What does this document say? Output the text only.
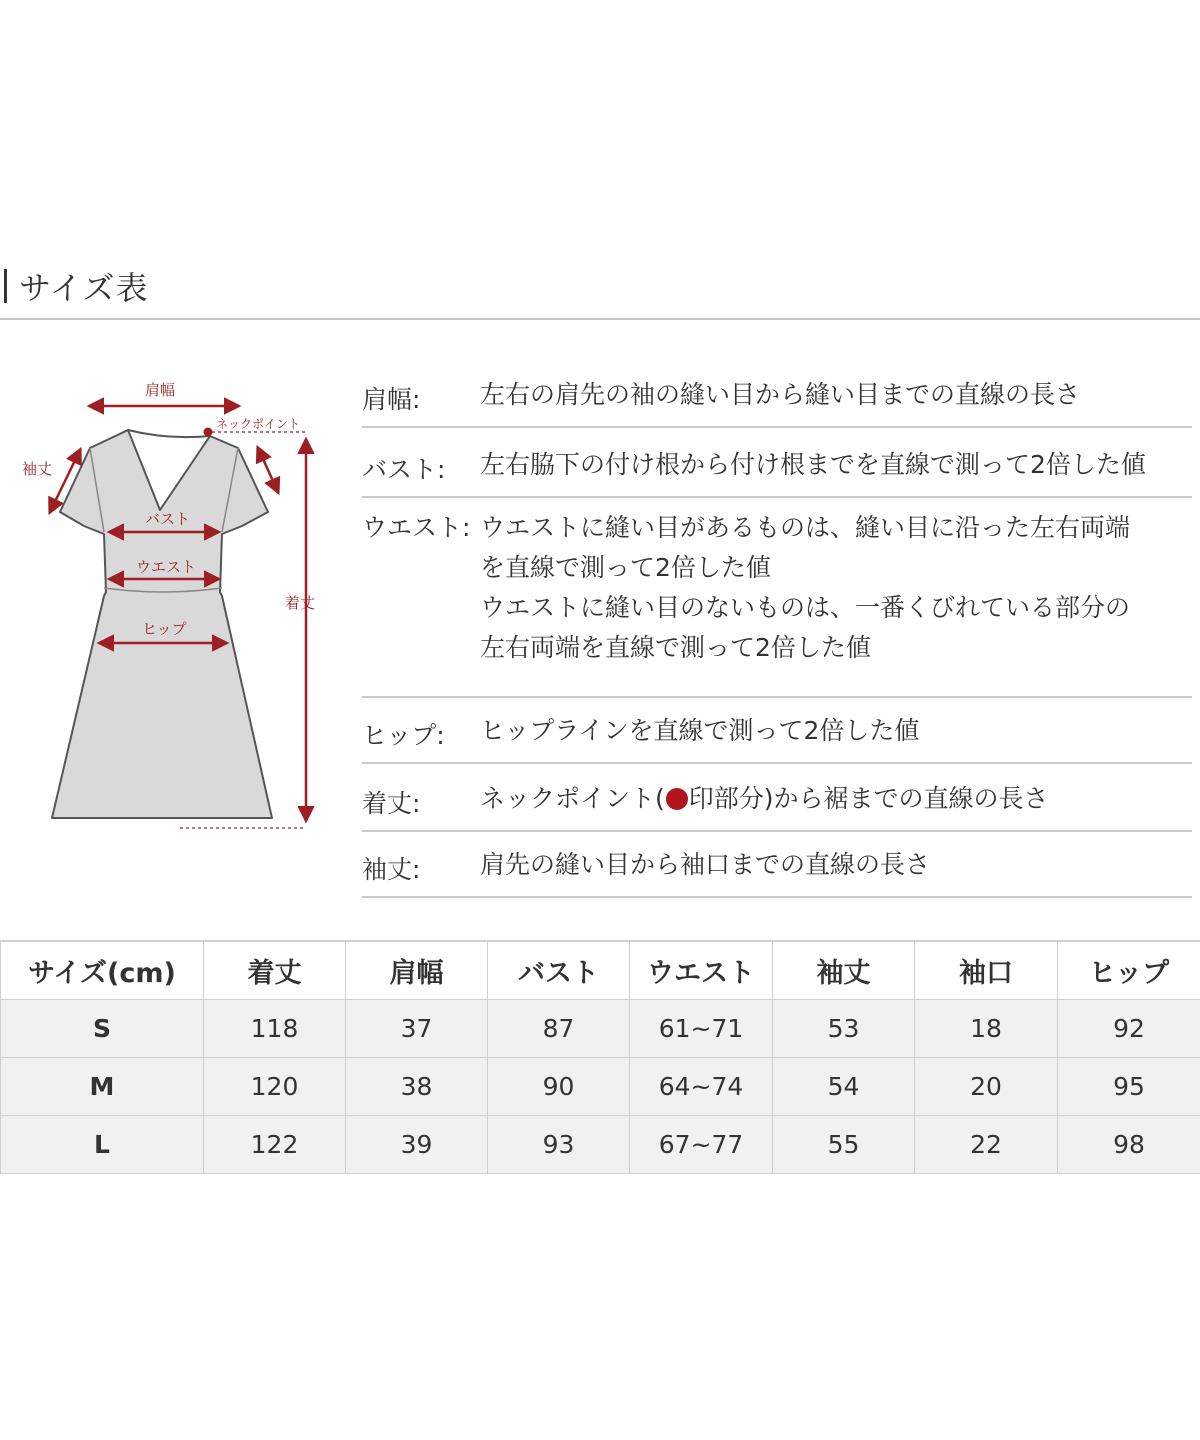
サイズ表
肩幅
ネックポイント
袖丈
バスト
ウエスト
ヒップ
着丈
肩幅:	左右の肩先の袖の縫い目から縫い目までの直線の長さ
バスト:	左右脇下の付け根から付け根までを直線で測って2倍した値
ウエスト: ウエストに縫い目があるものは、縫い目に沿った左右両端
を直線で測って2倍した値
ウエストに縫い目のないものは、一番くびれている部分の
左右両端を直線で測って2倍した値
ヒップ:	ヒップラインを直線で測って2倍した値
着丈:	ネックポイント( 印部分)から裾までの直線の長さ
袖丈:	肩先の縫い目から袖口までの直線の長さ
サイズ(cm)	着丈	肩幅	バスト	ウエスト	袖丈	袖口	ヒップ
S	118	37	87	61~71	53	18	92
M	120	38	90	64~74	54	20	95
L	122	39	93	67~77	55	22	98
